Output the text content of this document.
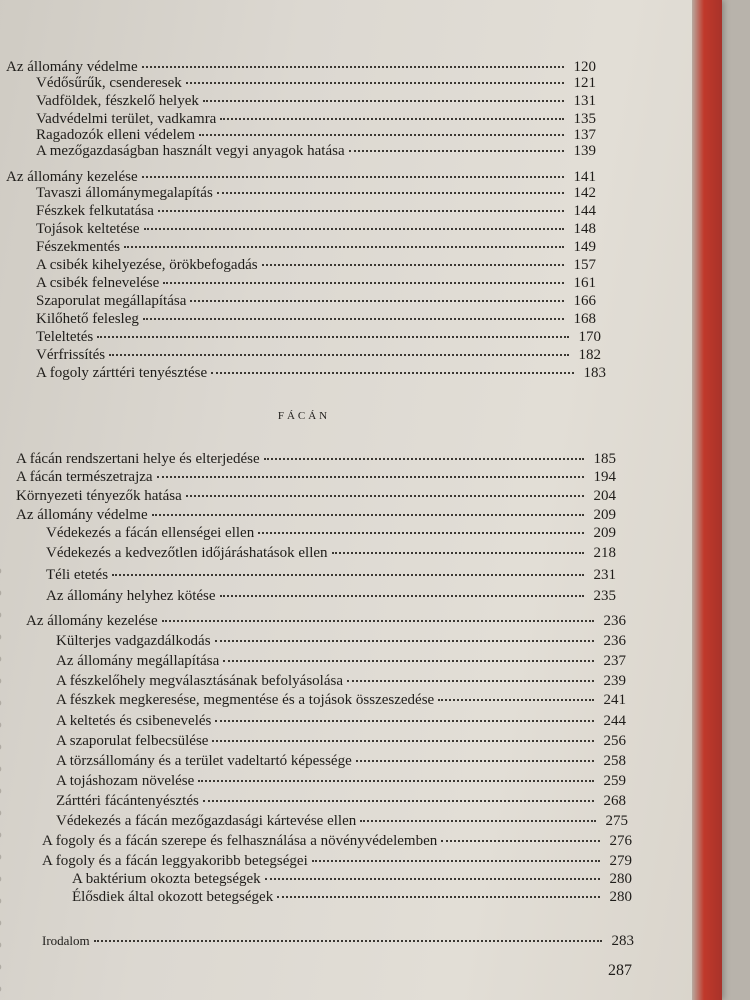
Az állomány védelme	120
Védősűrűk, csenderesek	121
Vadföldek, fészkelő helyek	131
Vadvédelmi terület, vadkamra	135
Ragadozók elleni védelem	137
A mezőgazdaságban használt vegyi anyagok hatása	139
Az állomány kezelése	141
Tavaszi állománymegalapítás	142
Fészkek felkutatása	144
Tojások keltetése	148
Fészekmentés	149
A csibék kihelyezése, örökbefogadás	157
A csibék felnevelése	161
Szaporulat megállapítása	166
Kilőhető felesleg	168
Teleltetés	170
Vérfrissítés	182
A fogoly zárttéri tenyésztése	183
FÁCÁN
A fácán rendszertani helye és elterjedése	185
A fácán természetrajza	194
Környezeti tényezők hatása	204
Az állomány védelme	209
Védekezés a fácán ellenségei ellen	209
Védekezés a kedvezőtlen időjáráshatások ellen	218
Téli etetés	231
Az állomány helyhez kötése	235
Az állomány kezelése	236
Külterjes vadgazdálkodás	236
Az állomány megállapítása	237
A fészkelőhely megválasztásának befolyásolása	239
A fészkek megkeresése, megmentése és a tojások összeszedése	241
A keltetés és csibenevelés	244
A szaporulat felbecsülése	256
A törzsállomány és a terület vadeltartó képessége	258
A tojáshozam növelése	259
Zárttéri fácántenyésztés	268
Védekezés a fácán mezőgazdasági kártevése ellen	275
A fogoly és a fácán szerepe és felhasználása a növényvédelemben	276
A fogoly és a fácán leggyakoribb betegségei	279
A baktérium okozta betegségek	280
Élősdiek által okozott betegségek	280
Irodalom	283
287
